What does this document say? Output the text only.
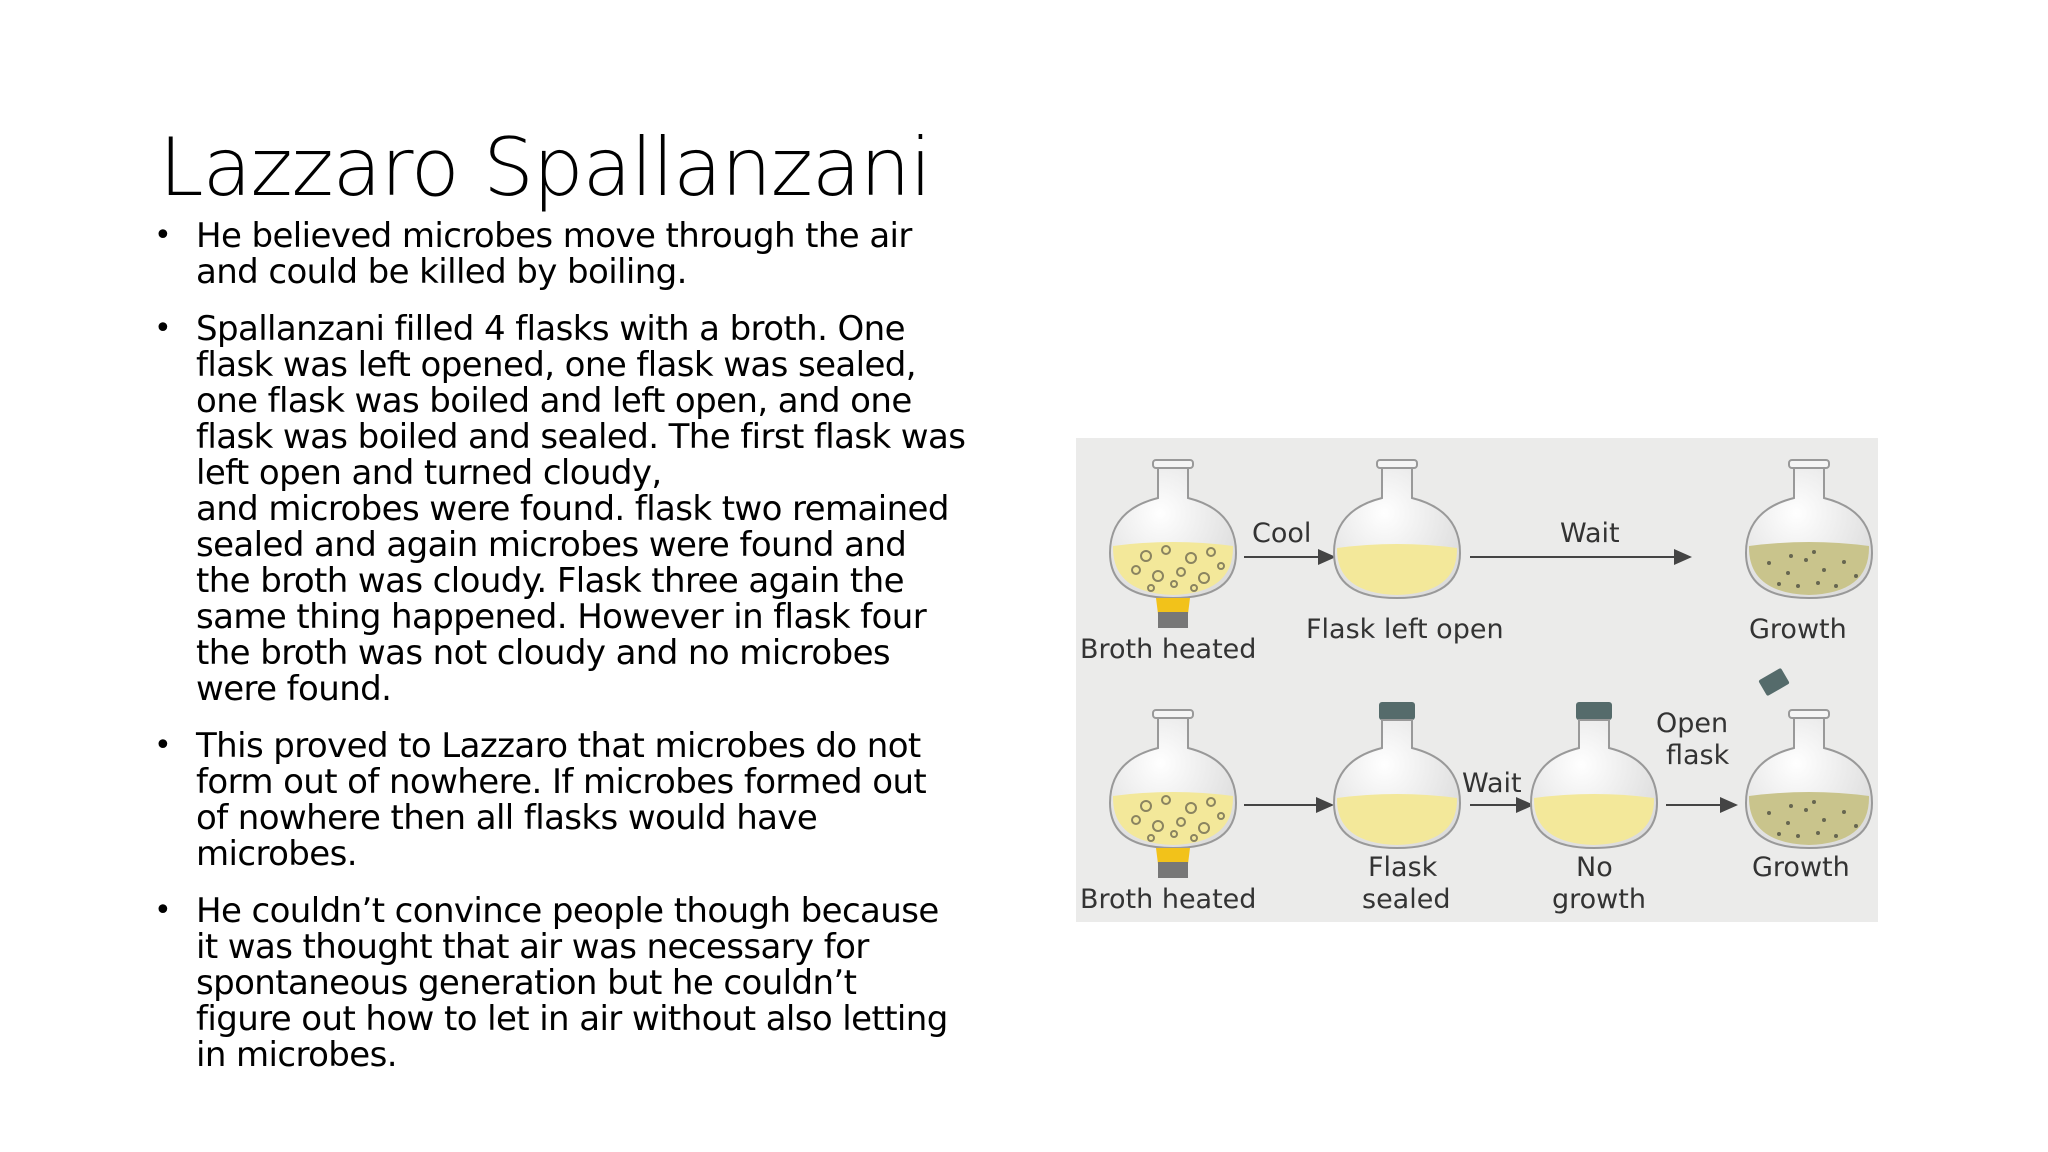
Lazzaro Spallanzani
• He believed microbes move through the air
and could be killed by boiling.
• Spallanzani filled 4 flasks with a broth. One
flask was left opened, one flask was sealed,
one flask was boiled and left open, and one
flask was boiled and sealed. The first flask was
left open and turned cloudy,
and microbes were found. flask two remained
sealed and again microbes were found and
the broth was cloudy. Flask three again the
same thing happened. However in flask four
the broth was not cloudy and no microbes
were found.
• This proved to Lazzaro that microbes do not
form out of nowhere. If microbes formed out
of nowhere then all flasks would have
microbes.
• He couldn’t convince people though because
it was thought that air was necessary for
spontaneous generation but he couldn’t
figure out how to let in air without also letting
in microbes.
Cool	Wait
Broth heated
Flask left open	Growth
Wait
Open
flask
Broth heated
Flask
sealed
No
growth
Growth
